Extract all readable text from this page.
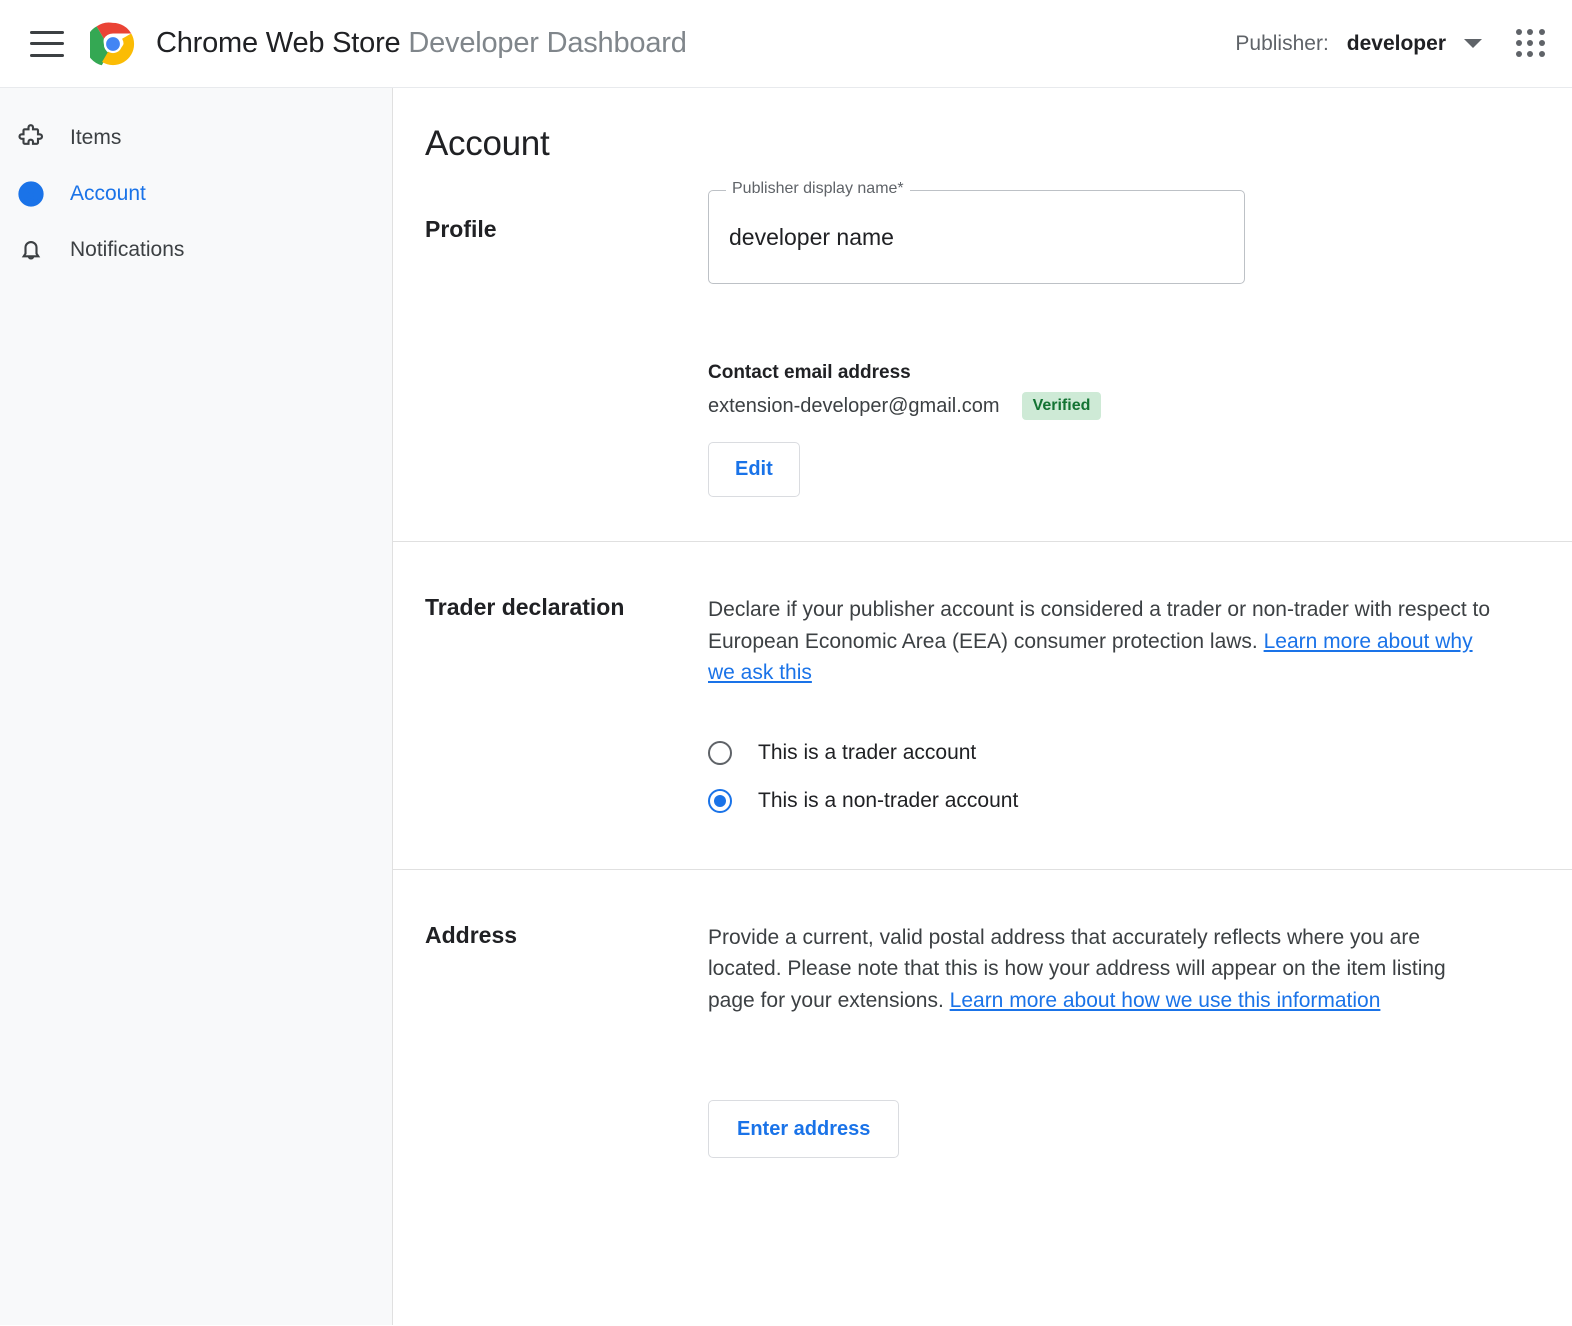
Chrome Web Store Developer Dashboard	Publisher: developer
Items
Account
Notifications
Account
Profile
Publisher display name*
developer name
Contact email address
extension-developer@gmail.com	Verified
Edit
Trader declaration	Declare if your publisher account is considered a trader or non-trader with respect to European Economic Area (EEA) consumer protection laws. Learn more about why we ask this

This is a trader account
This is a non-trader account
Address	Provide a current, valid postal address that accurately reflects where you are located. Please note that this is how your address will appear on the item listing page for your extensions. Learn more about how we use this information

Enter address
